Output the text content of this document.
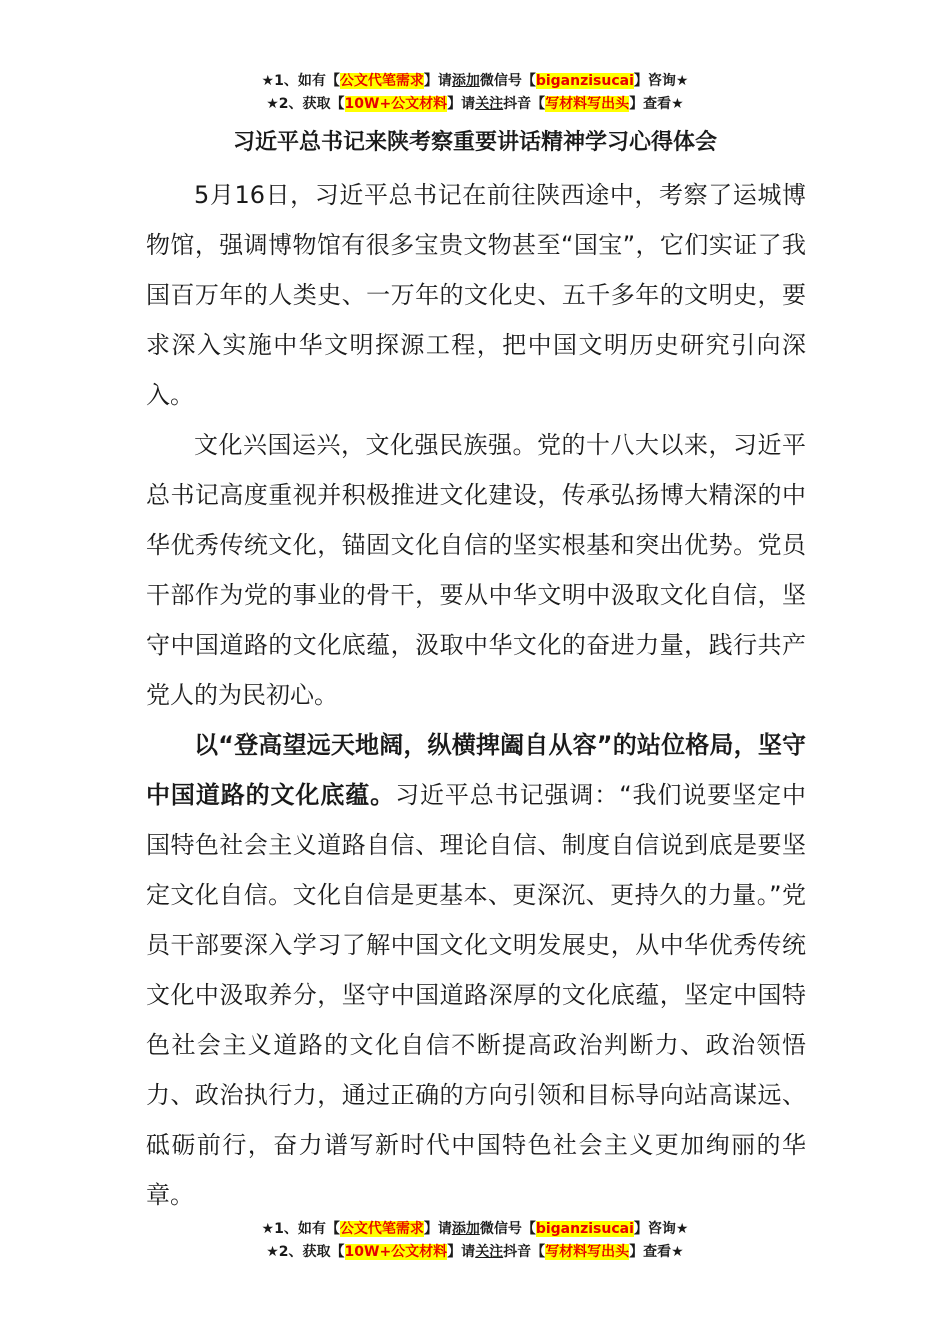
★1、如有【公文代笔需求】请添加微信号【biganzisucai】咨询★
★2、获取【10W+公文材料】请关注抖音【写材料写出头】查看★
习近平总书记来陕考察重要讲话精神学习心得体会

5月16日，习近平总书记在前往陕西途中，考察了运城博物馆，强调博物馆有很多宝贵文物甚至“国宝”，它们实证了我国百万年的人类史、一万年的文化史、五千多年的文明史，要求深入实施中华文明探源工程，把中国文明历史研究引向深入。

文化兴国运兴，文化强民族强。党的十八大以来，习近平总书记高度重视并积极推进文化建设，传承弘扬博大精深的中华优秀传统文化，锚固文化自信的坚实根基和突出优势。党员干部作为党的事业的骨干，要从中华文明中汲取文化自信，坚守中国道路的文化底蕴，汲取中华文化的奋进力量，践行共产党人的为民初心。

以“登高望远天地阔，纵横捭阖自从容”的站位格局，坚守中国道路的文化底蕴。习近平总书记强调：“我们说要坚定中国特色社会主义道路自信、理论自信、制度自信说到底是要坚定文化自信。文化自信是更基本、更深沉、更持久的力量。”党员干部要深入学习了解中国文化文明发展史，从中华优秀传统文化中汲取养分，坚守中国道路深厚的文化底蕴，坚定中国特色社会主义道路的文化自信不断提高政治判断力、政治领悟力、政治执行力，通过正确的方向引领和目标导向站高谋远、砥砺前行，奋力谱写新时代中国特色社会主义更加绚丽的华章。

★1、如有【公文代笔需求】请添加微信号【biganzisucai】咨询★
★2、获取【10W+公文材料】请关注抖音【写材料写出头】查看★
